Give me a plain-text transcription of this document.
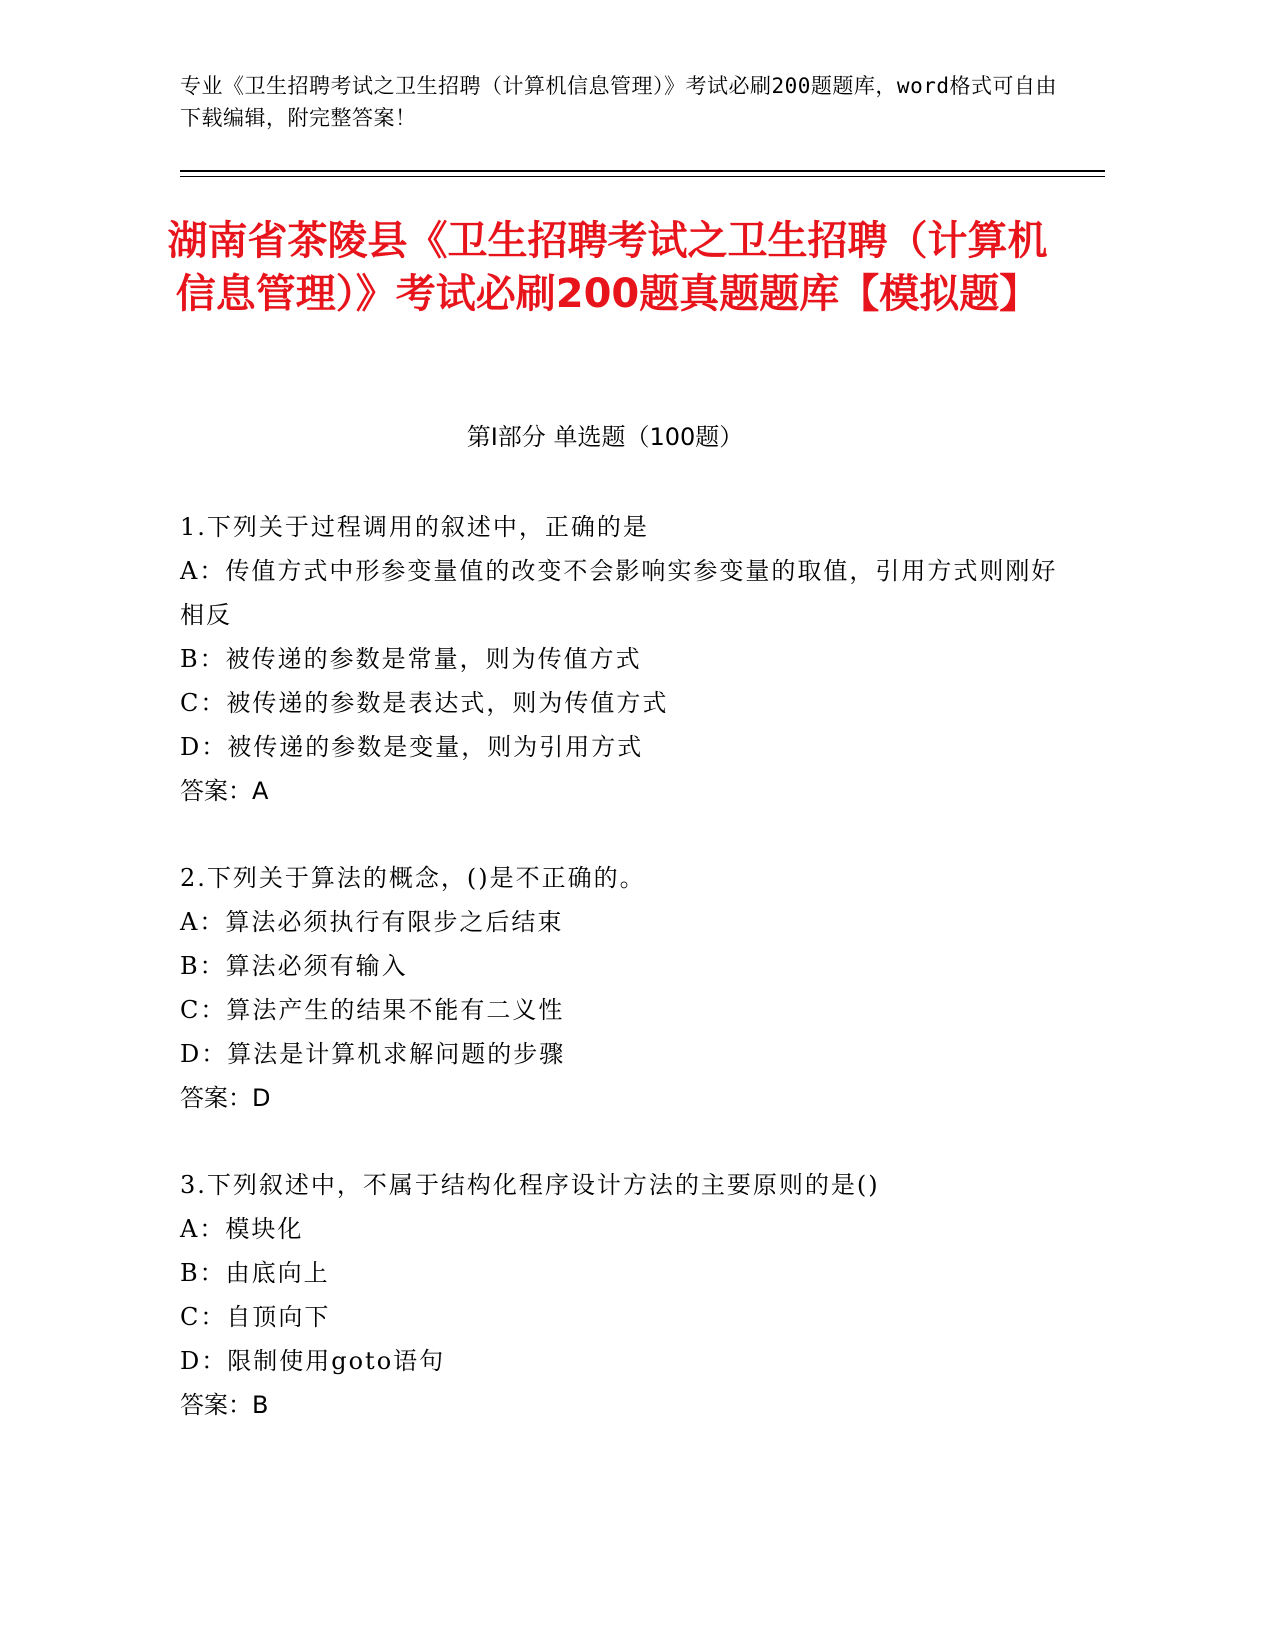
专业《卫生招聘考试之卫生招聘（计算机信息管理）》考试必刷200题题库，word格式可自由下载编辑，附完整答案！
湖南省茶陵县《卫生招聘考试之卫生招聘（计算机信息管理）》考试必刷200题真题题库【模拟题】
第Ⅰ部分 单选题（100题）
1.下列关于过程调用的叙述中，正确的是
A：传值方式中形参变量值的改变不会影响实参变量的取值，引用方式则刚好相反
B：被传递的参数是常量，则为传值方式
C：被传递的参数是表达式，则为传值方式
D：被传递的参数是变量，则为引用方式
答案：A
2.下列关于算法的概念，()是不正确的。
A：算法必须执行有限步之后结束
B：算法必须有输入
C：算法产生的结果不能有二义性
D：算法是计算机求解问题的步骤
答案：D
3.下列叙述中，不属于结构化程序设计方法的主要原则的是()
A：模块化
B：由底向上
C：自顶向下
D：限制使用goto语句
答案：B
